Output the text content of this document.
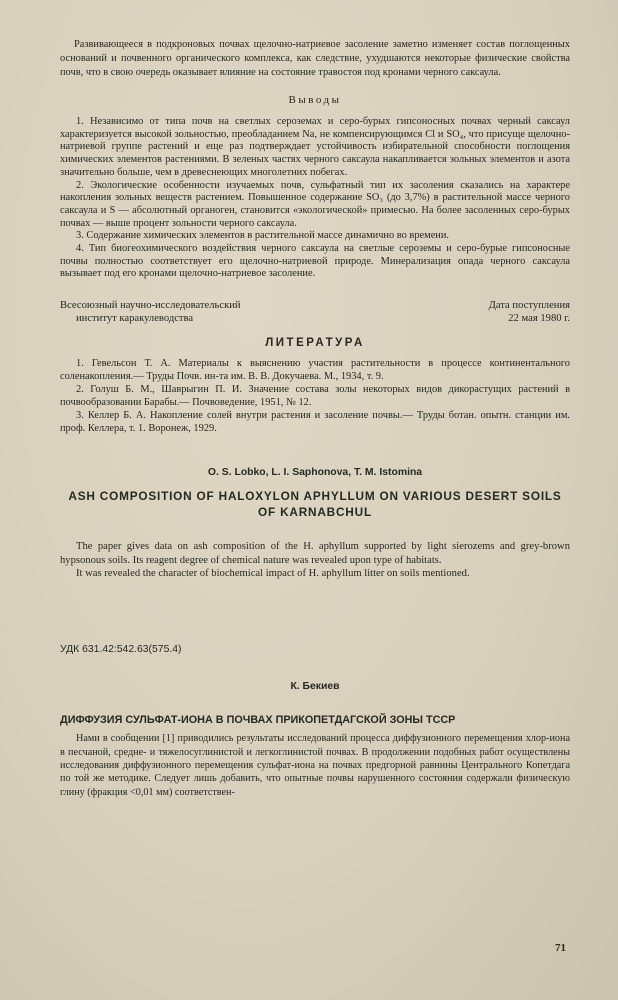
Развивающееся в подкроновых почвах щелочно-натриевое засоление заметно изменяет состав поглощенных оснований и почвенного органического комплекса, как следствие, ухудшаются некоторые физические свойства почв, что в свою очередь оказывает влияние на состояние травостоя под кронами черного саксаула.

Выводы

1. Независимо от типа почв на светлых сероземах и серо-бурых гипсоносных почвах черный саксаул характеризуется высокой зольностью, преобладанием Na, не компенсирующимся Cl и SO₄, что присуще щелочно-натриевой группе растений и еще раз подтверждает устойчивость избирательной способности поглощения химических элементов растениями. В зеленых частях черного саксаула накапливается зольных элементов и азота значительно больше, чем в древеснеющих многолетних побегах.

2. Экологические особенности изучаемых почв, сульфатный тип их засоления сказались на характере накопления зольных веществ растением. Повышенное содержание SO₃ (до 3,7%) в растительной массе черного саксаула и S — абсолютный органоген, становится «экологической» примесью. На более засоленных серо-бурых почвах — выше процент зольности черного саксаула.

3. Содержание химических элементов в растительной массе динамично во времени.

4. Тип биогеохимического воздействия черного саксаула на светлые сероземы и серо-бурые гипсоносные почвы полностью соответствует его щелочно-натриевой природе. Минерализация опада черного саксаула вызывает под его кронами щелочно-натриевое засоление.

Всесоюзный научно-исследовательский
институт каракулеводства
Дата поступления
22 мая 1980 г.
ЛИТЕРАТУРА

1. Гевельсон Т. А. Материалы к выяснению участия растительности в процессе континентального соленакопления.— Труды Почв. ин-та им. В. В. Докучаева. М., 1934, т. 9.

2. Голуш Б. М., Шаврыгин П. И. Значение состава золы некоторых видов дикорастущих растений в почвообразовании Барабы.— Почвоведение, 1951, № 12.

3. Келлер Б. А. Накопление солей внутри растения и засоление почвы.— Труды ботан. опытн. станции им. проф. Келлера, т. 1. Воронеж, 1929.

O. S. Lobko, L. I. Saphonova, T. M. Istomina
ASH COMPOSITION OF HALOXYLON APHYLLUM ON VARIOUS DESERT SOILS
OF KARNABCHUL

The paper gives data on ash composition of the H. aphyllum supported by light sierozems and grey-brown hypsonous soils. Its reagent degree of chemical nature was revealed upon type of habitats.

It was revealed the character of biochemical impact of H. aphyllum litter on soils mentioned.

УДК 631.42:542.63(575.4)
К. Бекиев
ДИФФУЗИЯ СУЛЬФАТ-ИОНА В ПОЧВАХ ПРИКОПЕТДАГСКОЙ ЗОНЫ ТССР

Нами в сообщении [1] приводились результаты исследований процесса диффузионного перемещения хлор-иона в песчаной, средне- и тяжелосуглинистой и легкоглинистой почвах. В продолжении подобных работ осуществлены исследования диффузионного перемещения сульфат-иона на почвах предгорной равнины Центрального Копетдага по той же методике. Следует лишь добавить, что опытные почвы нарушенного состояния содержали физическую глину (фракция <0,01 мм) соответствен-

71
